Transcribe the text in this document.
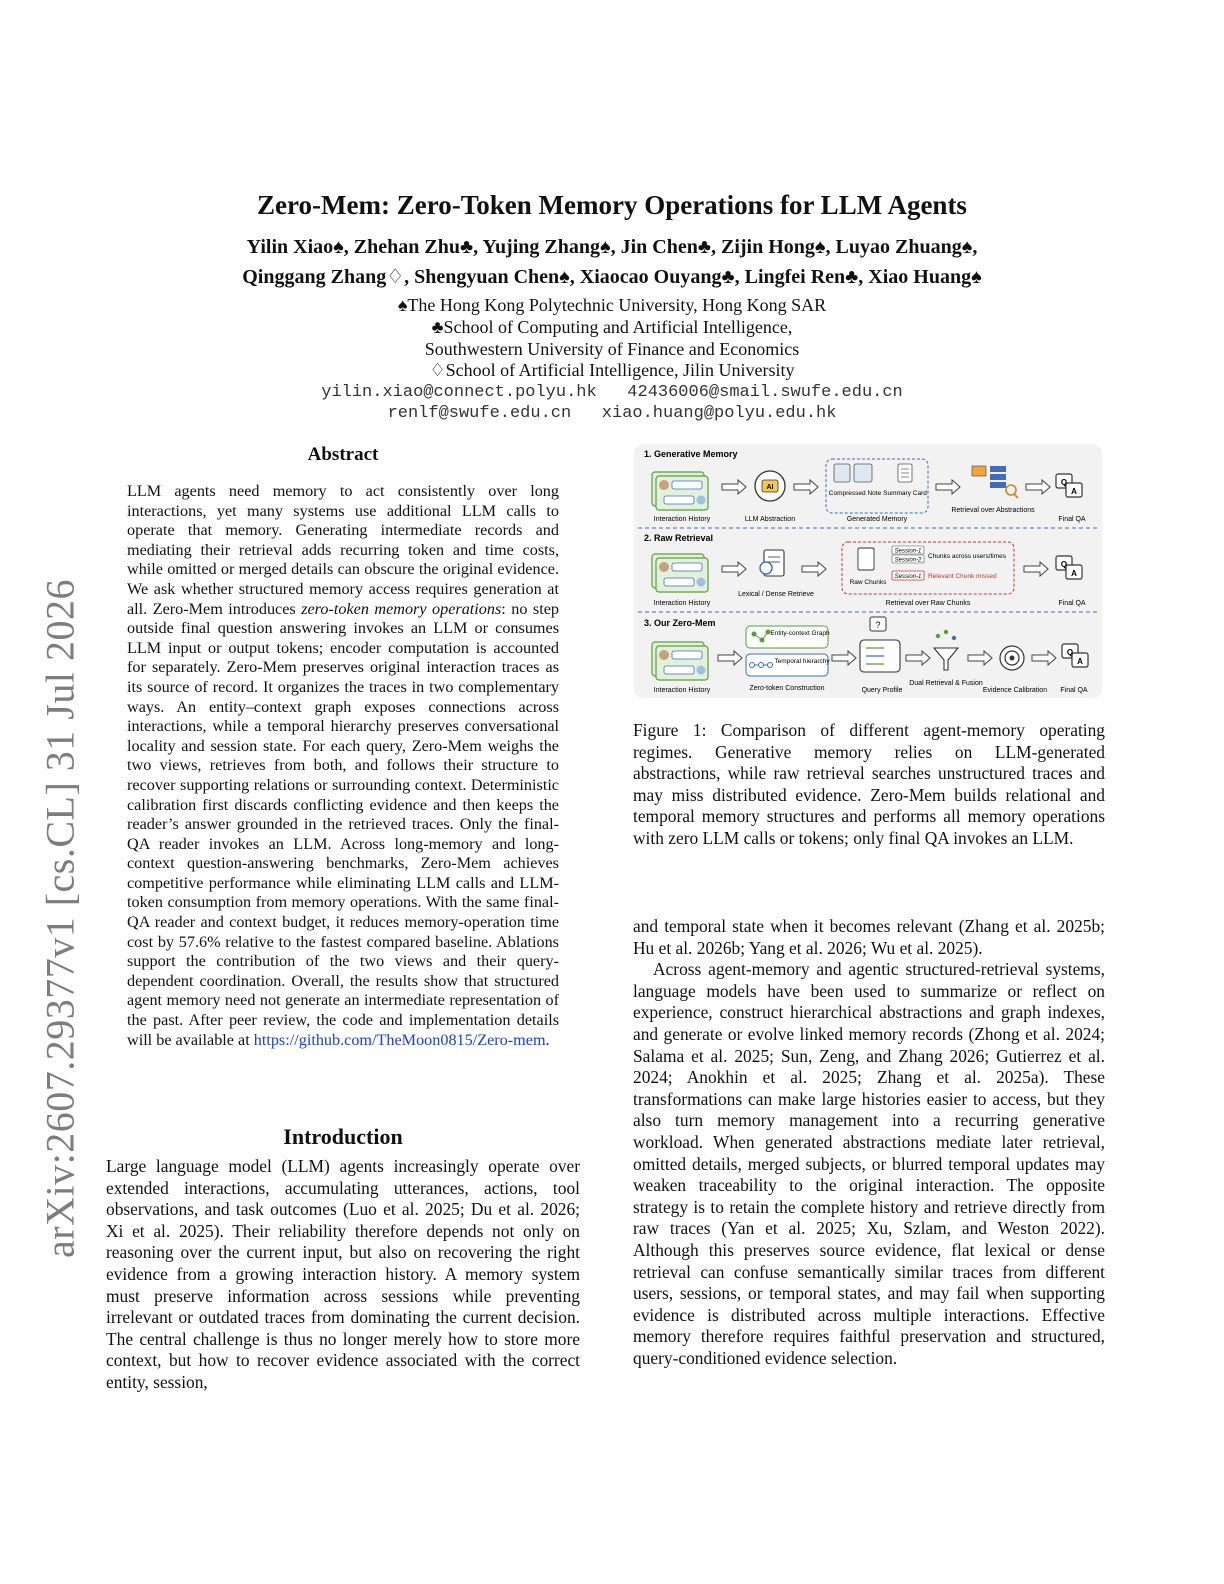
arXiv:2607.29377v1 [cs.CL] 31 Jul 2026
Zero-Mem: Zero-Token Memory Operations for LLM Agents
Yilin Xiao♠, Zhehan Zhu♣, Yujing Zhang♠, Jin Chen♣, Zijin Hong♠, Luyao Zhuang♠,
Qinggang Zhang♢, Shengyuan Chen♠, Xiaocao Ouyang♣, Lingfei Ren♣, Xiao Huang♠
♠The Hong Kong Polytechnic University, Hong Kong SAR
♣School of Computing and Artificial Intelligence,
Southwestern University of Finance and Economics
♢School of Artificial Intelligence, Jilin University
yilin.xiao@connect.polyu.hk   42436006@smail.swufe.edu.cn
renlf@swufe.edu.cn   xiao.huang@polyu.edu.hk
Abstract
LLM agents need memory to act consistently over long interactions, yet many systems use additional LLM calls to operate that memory. Generating intermediate records and mediating their retrieval adds recurring token and time costs, while omitted or merged details can obscure the original evidence. We ask whether structured memory access requires generation at all. Zero-Mem introduces zero-token memory operations: no step outside final question answering invokes an LLM or consumes LLM input or output tokens; encoder computation is accounted for separately. Zero-Mem preserves original interaction traces as its source of record. It organizes the traces in two complementary ways. An entity–context graph exposes connections across interactions, while a temporal hierarchy preserves conversational locality and session state. For each query, Zero-Mem weighs the two views, retrieves from both, and follows their structure to recover supporting relations or surrounding context. Deterministic calibration first discards conflicting evidence and then keeps the reader’s answer grounded in the retrieved traces. Only the final-QA reader invokes an LLM. Across long-memory and long-context question-answering benchmarks, Zero-Mem achieves competitive performance while eliminating LLM calls and LLM-token consumption from memory operations. With the same final-QA reader and context budget, it reduces memory-operation time cost by 57.6% relative to the fastest compared baseline. Ablations support the contribution of the two views and their query-dependent coordination. Overall, the results show that structured agent memory need not generate an intermediate representation of the past. After peer review, the code and implementation details will be available at https://github.com/TheMoon0815/Zero-mem.
Introduction
Large language model (LLM) agents increasingly operate over extended interactions, accumulating utterances, actions, tool observations, and task outcomes (Luo et al. 2025; Du et al. 2026; Xi et al. 2025). Their reliability therefore depends not only on reasoning over the current input, but also on recovering the right evidence from a growing interaction history. A memory system must preserve information across sessions while preventing irrelevant or outdated traces from dominating the current decision. The central challenge is thus no longer merely how to store more context, but how to recover evidence associated with the correct entity, session,
1. Generative Memory
AI
Compressed Note Summary Card
Q
A
Interaction History	LLM Abstraction	Generated Memory
Retrieval over Abstractions
Final QA
2. Raw Retrieval
Raw Chunks
Session-1
Session-2
Chunks across users/times
Session-1 Relevant Chunk missed
Q
A
Interaction History
Lexical / Dense Retrieve
Retrieval over Raw Chunks	Final QA
3. Our Zero-Mem
Entity-context Graph
Temporal hierarchy
?
Q
A
Interaction History	Zero-token Construction	Query Profile
Dual Retrieval & Fusion
Evidence Calibration Final QA
Figure 1: Comparison of different agent-memory operating regimes. Generative memory relies on LLM-generated abstractions, while raw retrieval searches unstructured traces and may miss distributed evidence. Zero-Mem builds relational and temporal memory structures and performs all memory operations with zero LLM calls or tokens; only final QA invokes an LLM.

and temporal state when it becomes relevant (Zhang et al. 2025b; Hu et al. 2026b; Yang et al. 2026; Wu et al. 2025).

Across agent-memory and agentic structured-retrieval systems, language models have been used to summarize or reflect on experience, construct hierarchical abstractions and graph indexes, and generate or evolve linked memory records (Zhong et al. 2024; Salama et al. 2025; Sun, Zeng, and Zhang 2026; Gutierrez et al. 2024; Anokhin et al. 2025; Zhang et al. 2025a). These transformations can make large histories easier to access, but they also turn memory management into a recurring generative workload. When generated abstractions mediate later retrieval, omitted details, merged subjects, or blurred temporal updates may weaken traceability to the original interaction. The opposite strategy is to retain the complete history and retrieve directly from raw traces (Yan et al. 2025; Xu, Szlam, and Weston 2022). Although this preserves source evidence, flat lexical or dense retrieval can confuse semantically similar traces from different users, sessions, or temporal states, and may fail when supporting evidence is distributed across multiple interactions. Effective memory therefore requires faithful preservation and structured, query-conditioned evidence selection.
